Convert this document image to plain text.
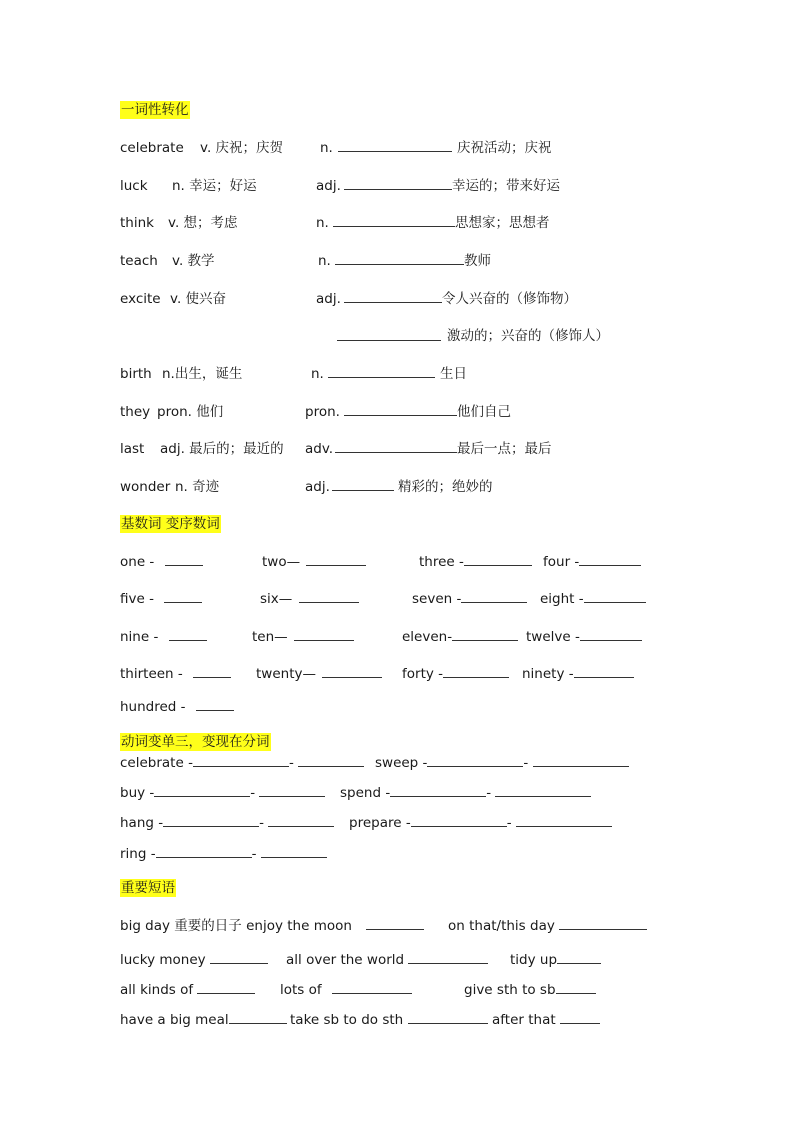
一词性转化
celebrate v. 庆祝；庆贺	n.	庆祝活动；庆祝
luck n. 幸运；好运	adj.	幸运的；带来好运
think v. 想；考虑	n.	思想家；思想者
teach v. 教学	n.	教师
excite v. 使兴奋	adj.	令人兴奋的（修饰物）
激动的；兴奋的（修饰人）
birth n.出生，诞生	n.	生日
they pron. 他们	pron.	他们自己
last adj. 最后的；最近的 adv.	最后一点；最后
wonder n. 奇迹	adj.	精彩的；绝妙的
基数词 变序数词
one -	two—	three -	four -
five -	six—	seven -	eight -
nine -	ten—	eleven-	twelve -
thirteen -	twenty—	forty -	ninety -
hundred -
动词变单三，变现在分词
celebrate -	-	sweep -	-
buy -	-	spend -	-
hang -	-	prepare -	-
ring -	-
重要短语
big day 重要的日子 enjoy the moon	on that/this day
lucky money	all over the world	tidy up
all kinds of	lots of	give sth to sb
have a big meal	take sb to do sth	after that
